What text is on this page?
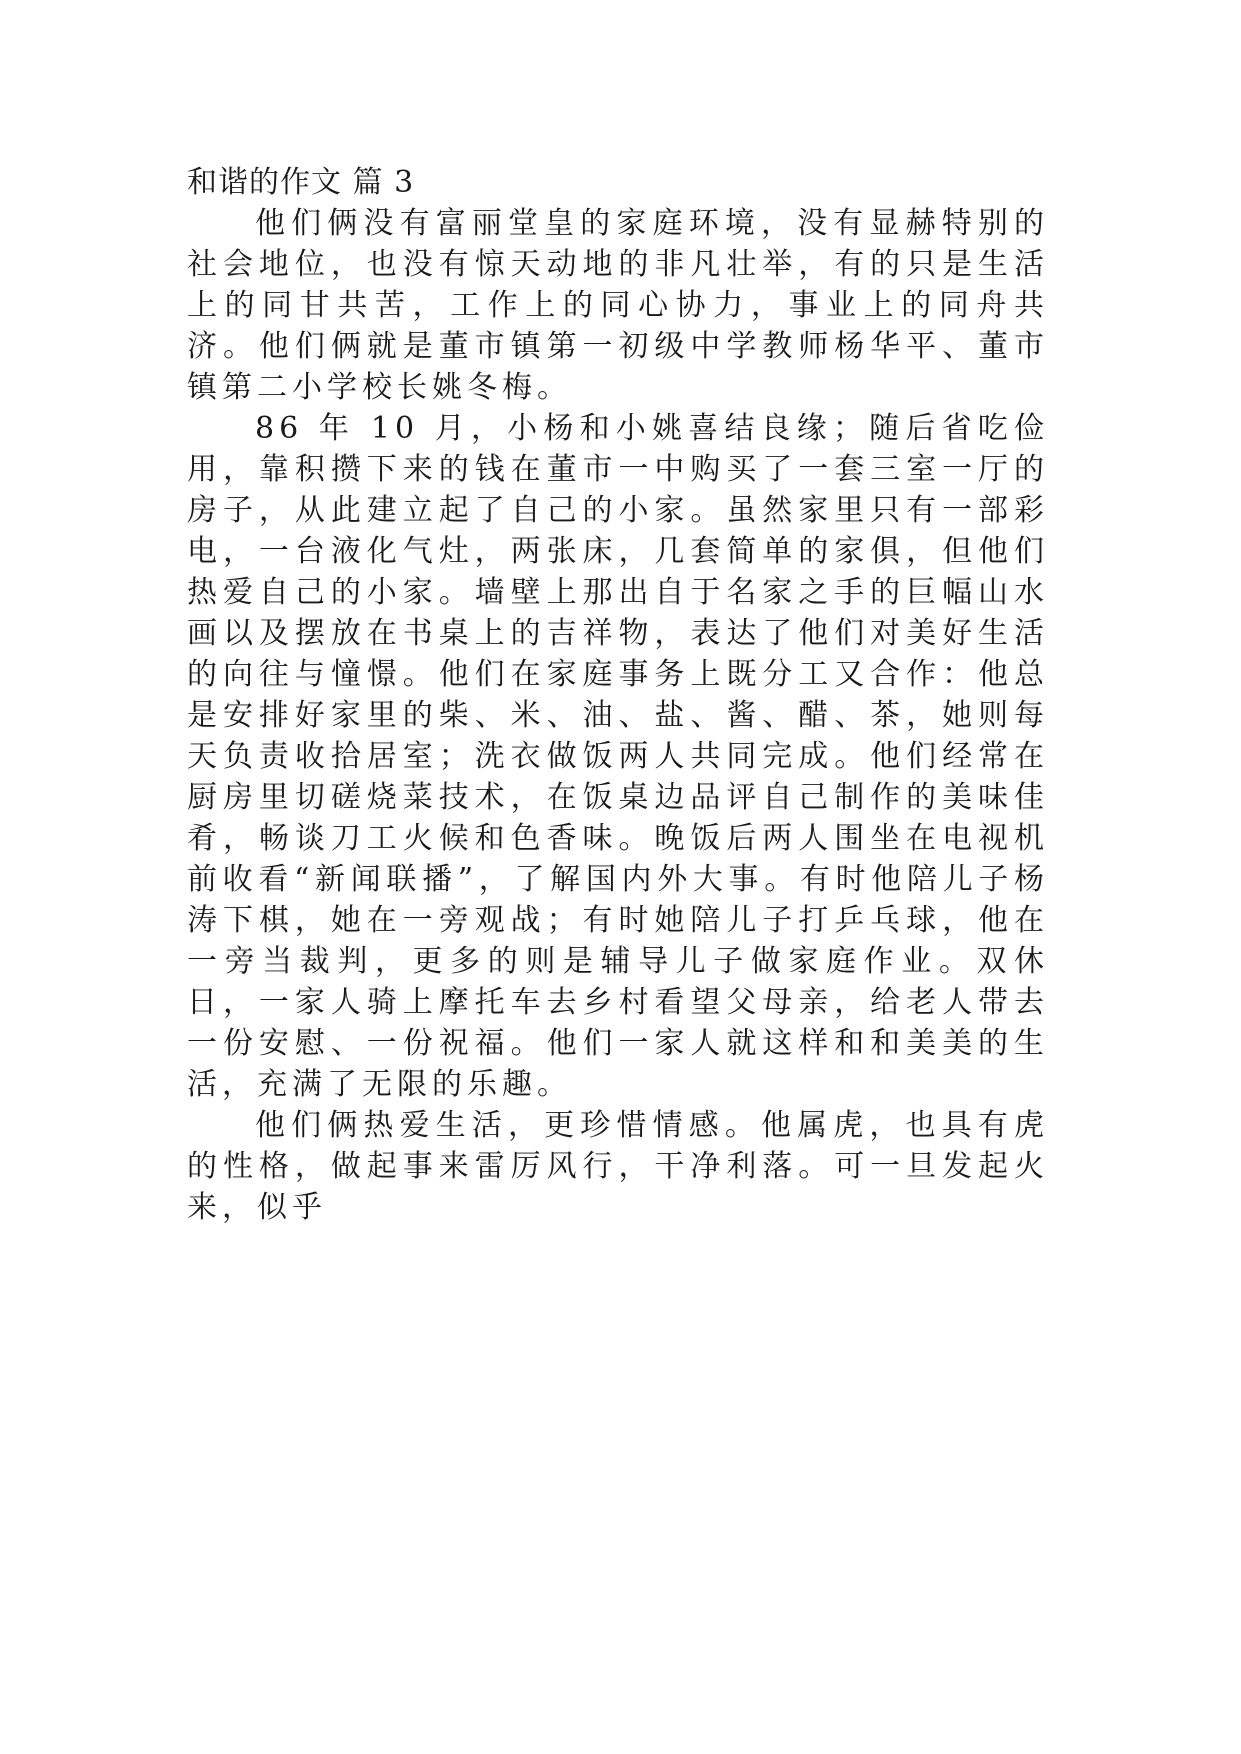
和谐的作文 篇 3

他们俩没有富丽堂皇的家庭环境，没有显赫特别的社会地位，也没有惊天动地的非凡壮举，有的只是生活上的同甘共苦，工作上的同心协力，事业上的同舟共济。他们俩就是董市镇第一初级中学教师杨华平、董市镇第二小学校长姚冬梅。

86 年 10 月，小杨和小姚喜结良缘；随后省吃俭用，靠积攒下来的钱在董市一中购买了一套三室一厅的房子，从此建立起了自己的小家。虽然家里只有一部彩电，一台液化气灶，两张床，几套简单的家俱，但他们热爱自己的小家。墙壁上那出自于名家之手的巨幅山水画以及摆放在书桌上的吉祥物，表达了他们对美好生活的向往与憧憬。他们在家庭事务上既分工又合作：他总是安排好家里的柴、米、油、盐、酱、醋、茶，她则每天负责收拾居室；洗衣做饭两人共同完成。他们经常在厨房里切磋烧菜技术，在饭桌边品评自己制作的美味佳肴，畅谈刀工火候和色香味。晚饭后两人围坐在电视机前收看“新闻联播”，了解国内外大事。有时他陪儿子杨涛下棋，她在一旁观战；有时她陪儿子打乒乓球，他在一旁当裁判，更多的则是辅导儿子做家庭作业。双休日，一家人骑上摩托车去乡村看望父母亲，给老人带去一份安慰、一份祝福。他们一家人就这样和和美美的生活，充满了无限的乐趣。

他们俩热爱生活，更珍惜情感。他属虎，也具有虎的性格，做起事来雷厉风行，干净利落。可一旦发起火来，似乎
